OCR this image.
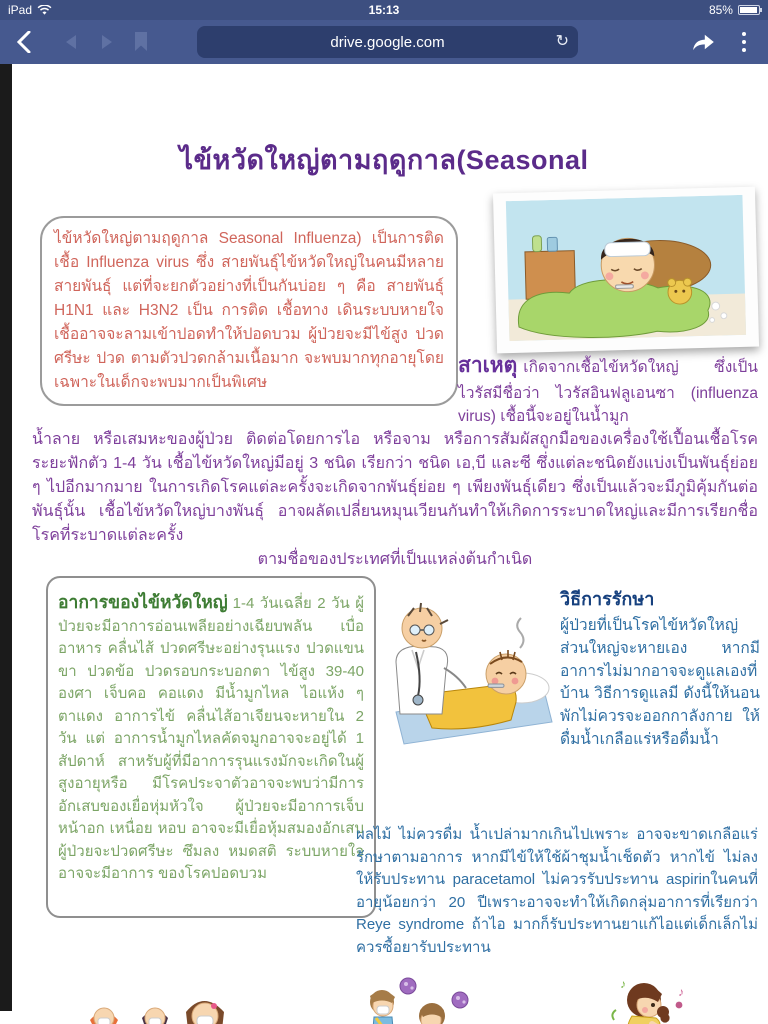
iPad	15:13	85%
drive.google.com	↻
ไข้หวัดใหญ่ตามฤดูกาล(Seasonal
ไข้หวัดใหญ่ตามฤดูกาล Seasonal Influenza) เป็นการติดเชื้อ Influenza virus ซึ่ง สายพันธุ์ไข้หวัดใหญ่ในคนมีหลายสายพันธุ์ แต่ที่จะยกตัวอย่างที่เป็นกันบ่อย ๆ คือ สายพันธุ์ H1N1 และ H3N2 เป็น การติด เชื้อทาง เดินระบบหายใจ เชื้ออาจจะลามเข้าปอดทำให้ปอดบวม ผู้ป่วยจะมีไข้สูง ปวดศรีษะ ปวด ตามตัวปวดกล้ามเนื้อมาก จะพบมากทุกอายุโดยเฉพาะในเด็กจะพบมากเป็นพิเศษ
สาเหตุ เกิดจากเชื้อไข้หวัดใหญ่ ซึ่งเป็นไวรัสมีชื่อว่า ไวรัสอินฟลูเอนซา (influenza virus) เชื้อนี้จะอยู่ในน้ำมูก
น้ำลาย หรือเสมหะของผู้ป่วย ติดต่อโดยการไอ หรือจาม หรือการสัมผัสถูกมือของเครื่องใช้เปื้อนเชื้อโรค ระยะฟักตัว 1-4 วัน เชื้อไข้หวัดใหญ่มีอยู่ 3 ชนิด เรียกว่า ชนิด เอ,บี และซี ซึ่งแต่ละชนิดยังแบ่งเป็นพันธุ์ย่อย ๆ ไปอีกมากมาย ในการเกิดโรคแต่ละครั้งจะเกิดจากพันธุ์ย่อย ๆ เพียงพันธุ์เดียว ซึ่งเป็นแล้วจะมีภูมิคุ้มกันต่อพันธุ์นั้น เชื้อไข้หวัดใหญ่บางพันธุ์ อาจผลัดเปลี่ยนหมุนเวียนกันทำให้เกิดการระบาดใหญ่และมีการเรียกชื่อโรคที่ระบาดแต่ละครั้ง
ตามชื่อของประเทศที่เป็นแหล่งต้นกำเนิด
อาการของไข้หวัดใหญ่ 1-4 วันเฉลี่ย 2 วัน ผู้ป่วยจะมีอาการอ่อนเพลียอย่างเฉียบพลัน เบื่ออาหาร คลื่นไส้ ปวดศรีษะอย่างรุนแรง ปวดแขนขา ปวดข้อ ปวดรอบกระบอกตา ไข้สูง 39-40 องศา เจ็บคอ คอแดง มีน้ำมูกไหล ไอแห้ง ๆ ตาแดง อาการไข้ คลื่นไส้อาเจียนจะหายใน 2 วัน แต่ อาการน้ำมูกไหลคัดจมูกอาจจะอยู่ได้ 1 สัปดาห์ สาหรับผู้ที่มีอาการรุนแรงมักจะเกิดในผู้สูงอายุหรือ มีโรคประจาตัวอาจจะพบว่ามีการอักเสบของเยื่อหุ่มหัวใจ ผู้ป่วยจะมีอาการเจ็บหน้าอก เหนื่อย หอบ อาจจะมีเยื่อหุ้มสมองอักเสบ ผู้ป่วยจะปวดศรีษะ ซึมลง หมดสติ ระบบหายใจอาจจะมีอาการ ของโรคปอดบวม
วิธีการรักษา
ผู้ป่วยที่เป็นโรคไข้หวัดใหญ่ส่วนใหญ่จะหายเอง หากมีอาการไม่มากอาจจะดูแลเองที่บ้าน วิธีการดูแลมี ดังนี้ให้นอนพักไม่ควรจะออกกาลังกาย ให้ดื่มน้ำเกลือแร่หรือดื่มน้ำ
ผลไม้ ไม่ควรดื่ม น้ำเปล่ามากเกินไปเพราะ อาจจะขาดเกลือแร่ รักษาตามอาการ หากมีไข้ให้ใช้ผ้าชุมน้ำเช็ดตัว หากไข้ ไม่ลงให้รับประทาน paracetamol ไม่ควรรับประทาน aspirinในคนที่อายุน้อยกว่า 20 ปีเพราะอาจจะทำให้เกิดกลุ่มอาการที่เรียกว่า Reye syndrome ถ้าไอ มากก็รับประทานยาแก้ไอแต่เด็กเล็กไม่ควรซื้อยารับประทาน
♪
♪
